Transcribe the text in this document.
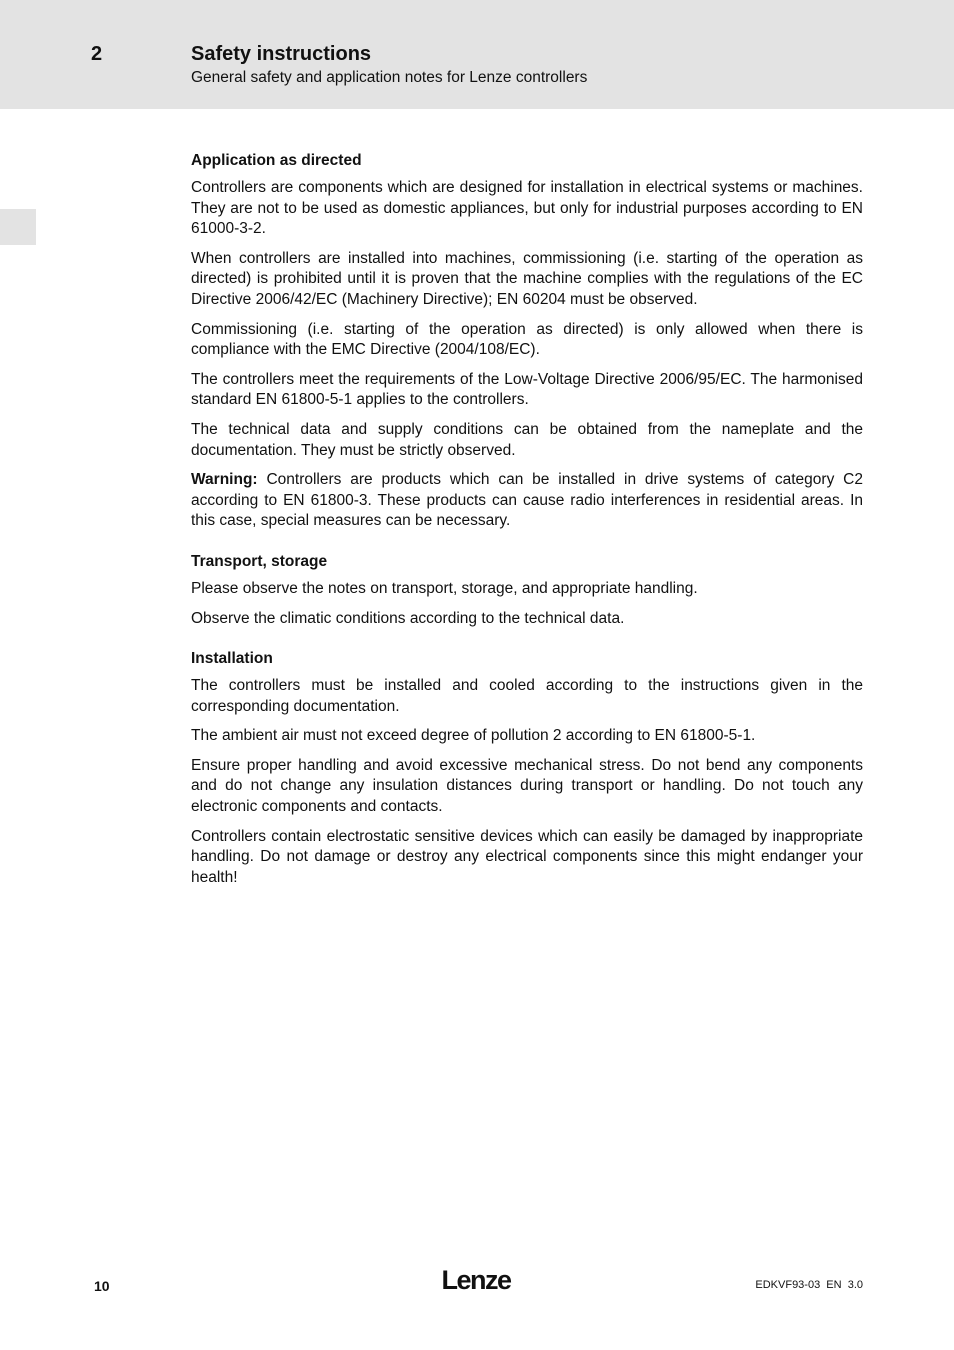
2	Safety instructions
General safety and application notes for Lenze controllers
Application as directed

Controllers are components which are designed for installation in electrical systems or machines. They are not to be used as domestic appliances, but only for industrial purposes according to EN 61000-3-2.

When controllers are installed into machines, commissioning (i.e. starting of the operation as directed) is prohibited until it is proven that the machine complies with the regulations of the EC Directive 2006/42/EC (Machinery Directive); EN 60204 must be observed.

Commissioning (i.e. starting of the operation as directed) is only allowed when there is compliance with the EMC Directive (2004/108/EC).

The controllers meet the requirements of the Low-Voltage Directive 2006/95/EC. The harmonised standard EN 61800-5-1 applies to the controllers.

The technical data and supply conditions can be obtained from the nameplate and the documentation. They must be strictly observed.

Warning: Controllers are products which can be installed in drive systems of category C2 according to EN 61800-3. These products can cause radio interferences in residential areas. In this case, special measures can be necessary.

Transport, storage

Please observe the notes on transport, storage, and appropriate handling.

Observe the climatic conditions according to the technical data.

Installation

The controllers must be installed and cooled according to the instructions given in the corresponding documentation.

The ambient air must not exceed degree of pollution 2 according to EN 61800-5-1.

Ensure proper handling and avoid excessive mechanical stress. Do not bend any components and do not change any insulation distances during transport or handling. Do not touch any electronic components and contacts.

Controllers contain electrostatic sensitive devices which can easily be damaged by inappropriate handling. Do not damage or destroy any electrical components since this might endanger your health!

10	Lenze	EDKVF93-03  EN  3.0
